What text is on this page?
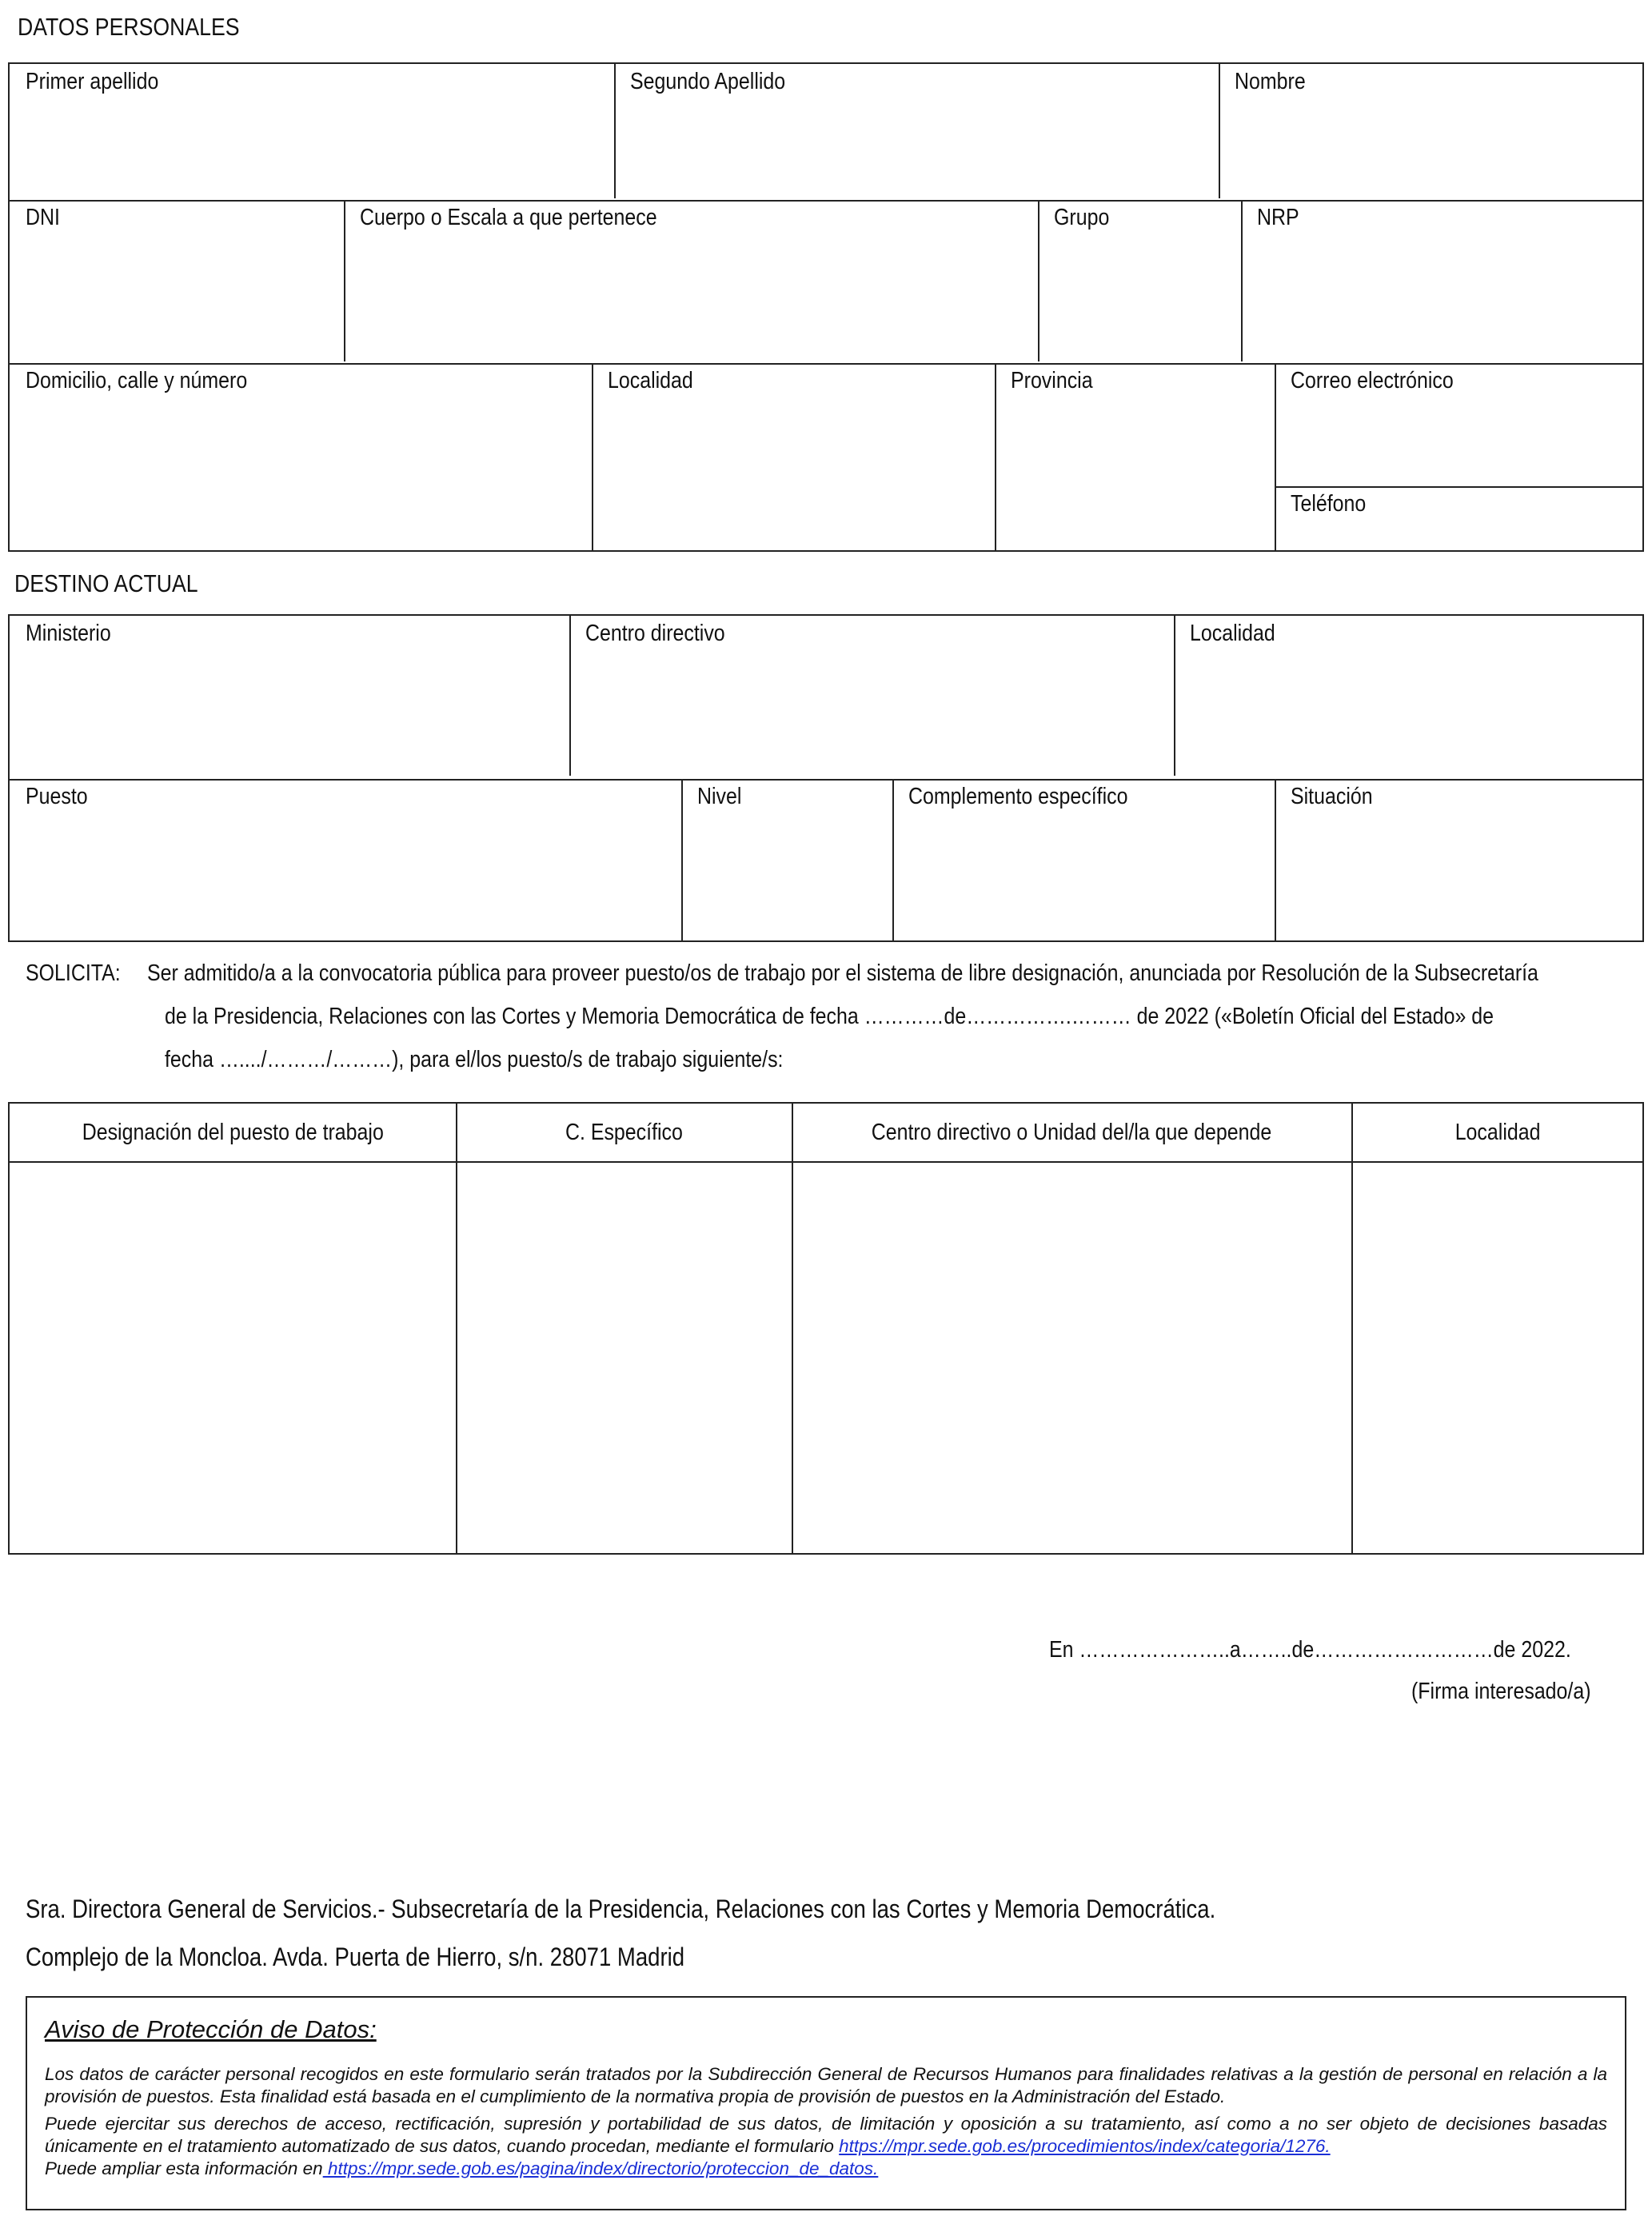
DATOS PERSONALES
Primer apellido	Segundo Apellido	Nombre
DNI	Cuerpo o Escala a que pertenece	Grupo	NRP
Domicilio, calle y número	Localidad	Provincia	Correo electrónico
Teléfono
DESTINO ACTUAL
Ministerio	Centro directivo	Localidad
Puesto	Nivel	Complemento específico	Situación
SOLICITA:	Ser admitido/a a la convocatoria pública para proveer puesto/os de trabajo por el sistema de libre designación, anunciada por Resolución de la Subsecretaría
de la Presidencia, Relaciones con las Cortes y Memoria Democrática de fecha …………de…………….……… de 2022 («Boletín Oficial del Estado» de
fecha …..../………/………), para el/los puesto/s de trabajo siguiente/s:
Designación del puesto de trabajo	C. Específico	Centro directivo o Unidad del/la que depende	Localidad
En …………………..a……..de………………………de 2022.
(Firma interesado/a)
Sra. Directora General de Servicios.- Subsecretaría de la Presidencia, Relaciones con las Cortes y Memoria Democrática.
Complejo de la Moncloa. Avda. Puerta de Hierro, s/n. 28071 Madrid
Aviso de Protección de Datos:
Los datos de carácter personal recogidos en este formulario serán tratados por la Subdirección General de Recursos Humanos para finalidades relativas a la gestión de personal en relación a la provisión de puestos. Esta finalidad está basada en el cumplimiento de la normativa propia de provisión de puestos en la Administración del Estado.
Puede ejercitar sus derechos de acceso, rectificación, supresión y portabilidad de sus datos, de limitación y oposición a su tratamiento, así como a no ser objeto de decisiones basadas únicamente en el tratamiento automatizado de sus datos, cuando procedan, mediante el formulario https://mpr.sede.gob.es/procedimientos/index/categoria/1276.
Puede ampliar esta información en https://mpr.sede.gob.es/pagina/index/directorio/proteccion_de_datos.
